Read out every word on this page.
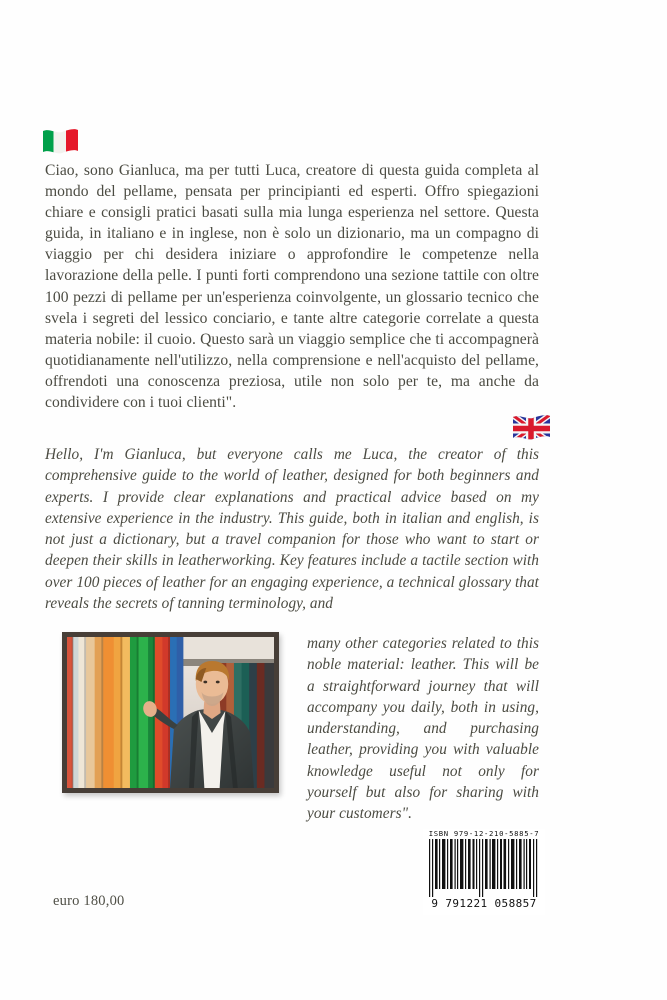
Ciao, sono Gianluca, ma per tutti Luca, creatore di questa guida completa al mondo del pellame, pensata per principianti ed esperti. Offro spiegazioni chiare e consigli pratici basati sulla mia lunga esperienza nel settore. Questa guida, in italiano e in inglese, non è solo un dizionario, ma un compagno di viaggio per chi desidera iniziare o approfondire le competenze nella lavorazione della pelle. I punti forti comprendono una sezione tattile con oltre 100 pezzi di pellame per un'esperienza coinvolgente, un glossario tecnico che svela i segreti del lessico conciario, e tante altre categorie correlate a questa materia nobile: il cuoio. Questo sarà un viaggio semplice che ti accompagnerà quotidianamente nell'utilizzo, nella comprensione e nell'acquisto del pellame, offrendoti una conoscenza preziosa, utile non solo per te, ma anche da condividere con i tuoi clienti".
Hello, I'm Gianluca, but everyone calls me Luca, the creator of this comprehensive guide to the world of leather, designed for both beginners and experts. I provide clear explanations and practical advice based on my extensive experience in the industry. This guide, both in italian and english, is not just a dictionary, but a travel companion for those who want to start or deepen their skills in leatherworking. Key features include a tactile section with over 100 pieces of leather for an engaging experience, a technical glossary that reveals the secrets of tanning terminology, and
many other categories related to this noble material: leather. This will be a straightforward journey that will accompany you daily, both in using, understanding, and purchasing leather, providing you with valuable knowledge useful not only for yourself but also for sharing with your customers".
ISBN 979-12-210-5885-7
9 791221 058857
euro 180,00
